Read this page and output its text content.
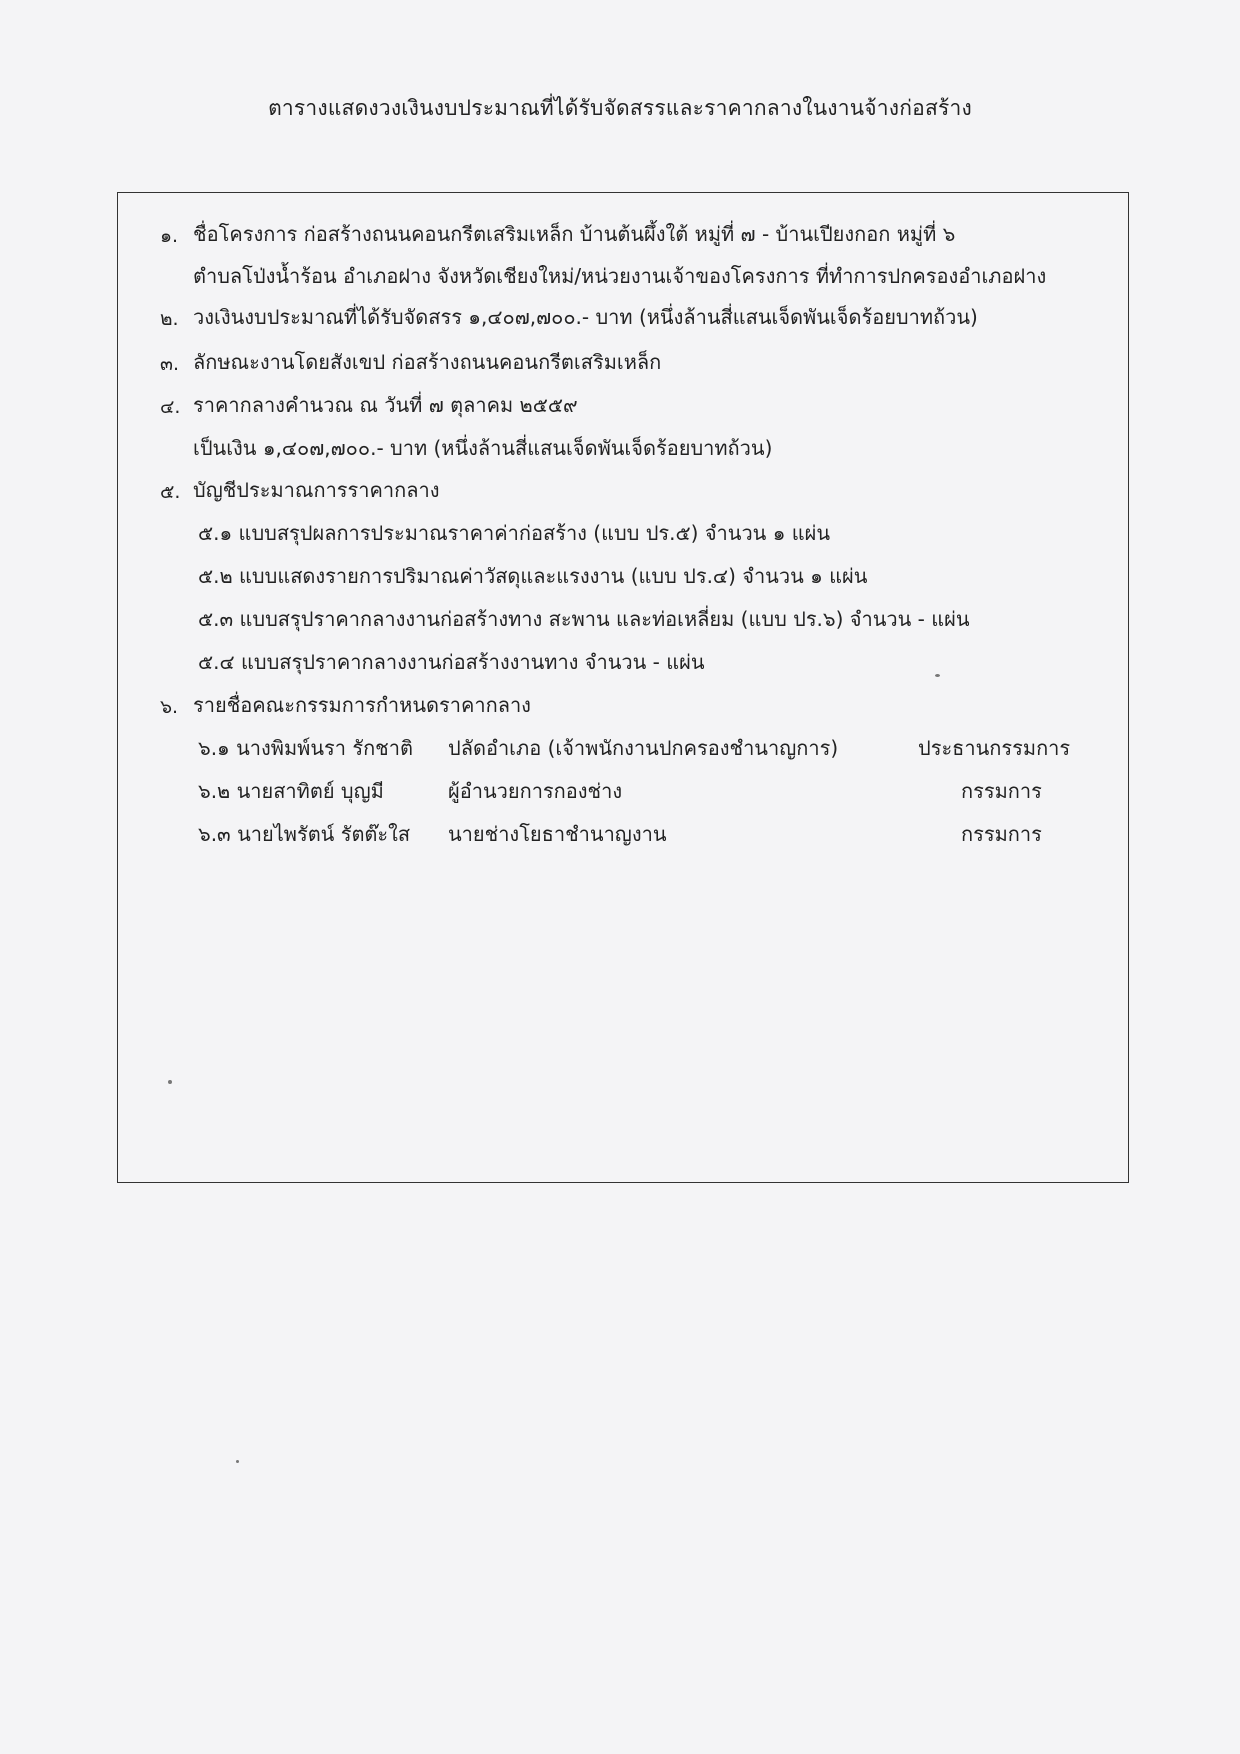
ตารางแสดงวงเงินงบประมาณที่ได้รับจัดสรรและราคากลางในงานจ้างก่อสร้าง
๑. ชื่อโครงการ ก่อสร้างถนนคอนกรีตเสริมเหล็ก บ้านต้นผึ้งใต้ หมู่ที่ ๗ - บ้านเปียงกอก หมู่ที่ ๖
ตำบลโป่งน้ำร้อน อำเภอฝาง จังหวัดเชียงใหม่/หน่วยงานเจ้าของโครงการ ที่ทำการปกครองอำเภอฝาง
๒. วงเงินงบประมาณที่ได้รับจัดสรร ๑,๔๐๗,๗๐๐.- บาท (หนึ่งล้านสี่แสนเจ็ดพันเจ็ดร้อยบาทถ้วน)
๓. ลักษณะงานโดยสังเขป ก่อสร้างถนนคอนกรีตเสริมเหล็ก
๔. ราคากลางคำนวณ ณ วันที่ ๗ ตุลาคม ๒๕๕๙
เป็นเงิน ๑,๔๐๗,๗๐๐.- บาท (หนึ่งล้านสี่แสนเจ็ดพันเจ็ดร้อยบาทถ้วน)
๕. บัญชีประมาณการราคากลาง
๕.๑ แบบสรุปผลการประมาณราคาค่าก่อสร้าง (แบบ ปร.๕) จำนวน ๑ แผ่น
๕.๒ แบบแสดงรายการปริมาณค่าวัสดุและแรงงาน (แบบ ปร.๔) จำนวน ๑ แผ่น
๕.๓ แบบสรุปราคากลางงานก่อสร้างทาง สะพาน และท่อเหลี่ยม (แบบ ปร.๖) จำนวน - แผ่น
๕.๔ แบบสรุปราคากลางงานก่อสร้างงานทาง จำนวน - แผ่น
๖. รายชื่อคณะกรรมการกำหนดราคากลาง
๖.๑ นางพิมพ์นรา รักชาติ ปลัดอำเภอ (เจ้าพนักงานปกครองชำนาญการ)	ประธานกรรมการ
๖.๒ นายสาทิตย์ บุญมี	ผู้อำนวยการกองช่าง	กรรมการ
๖.๓ นายไพรัตน์ รัตต๊ะใส นายช่างโยธาชำนาญงาน	กรรมการ
